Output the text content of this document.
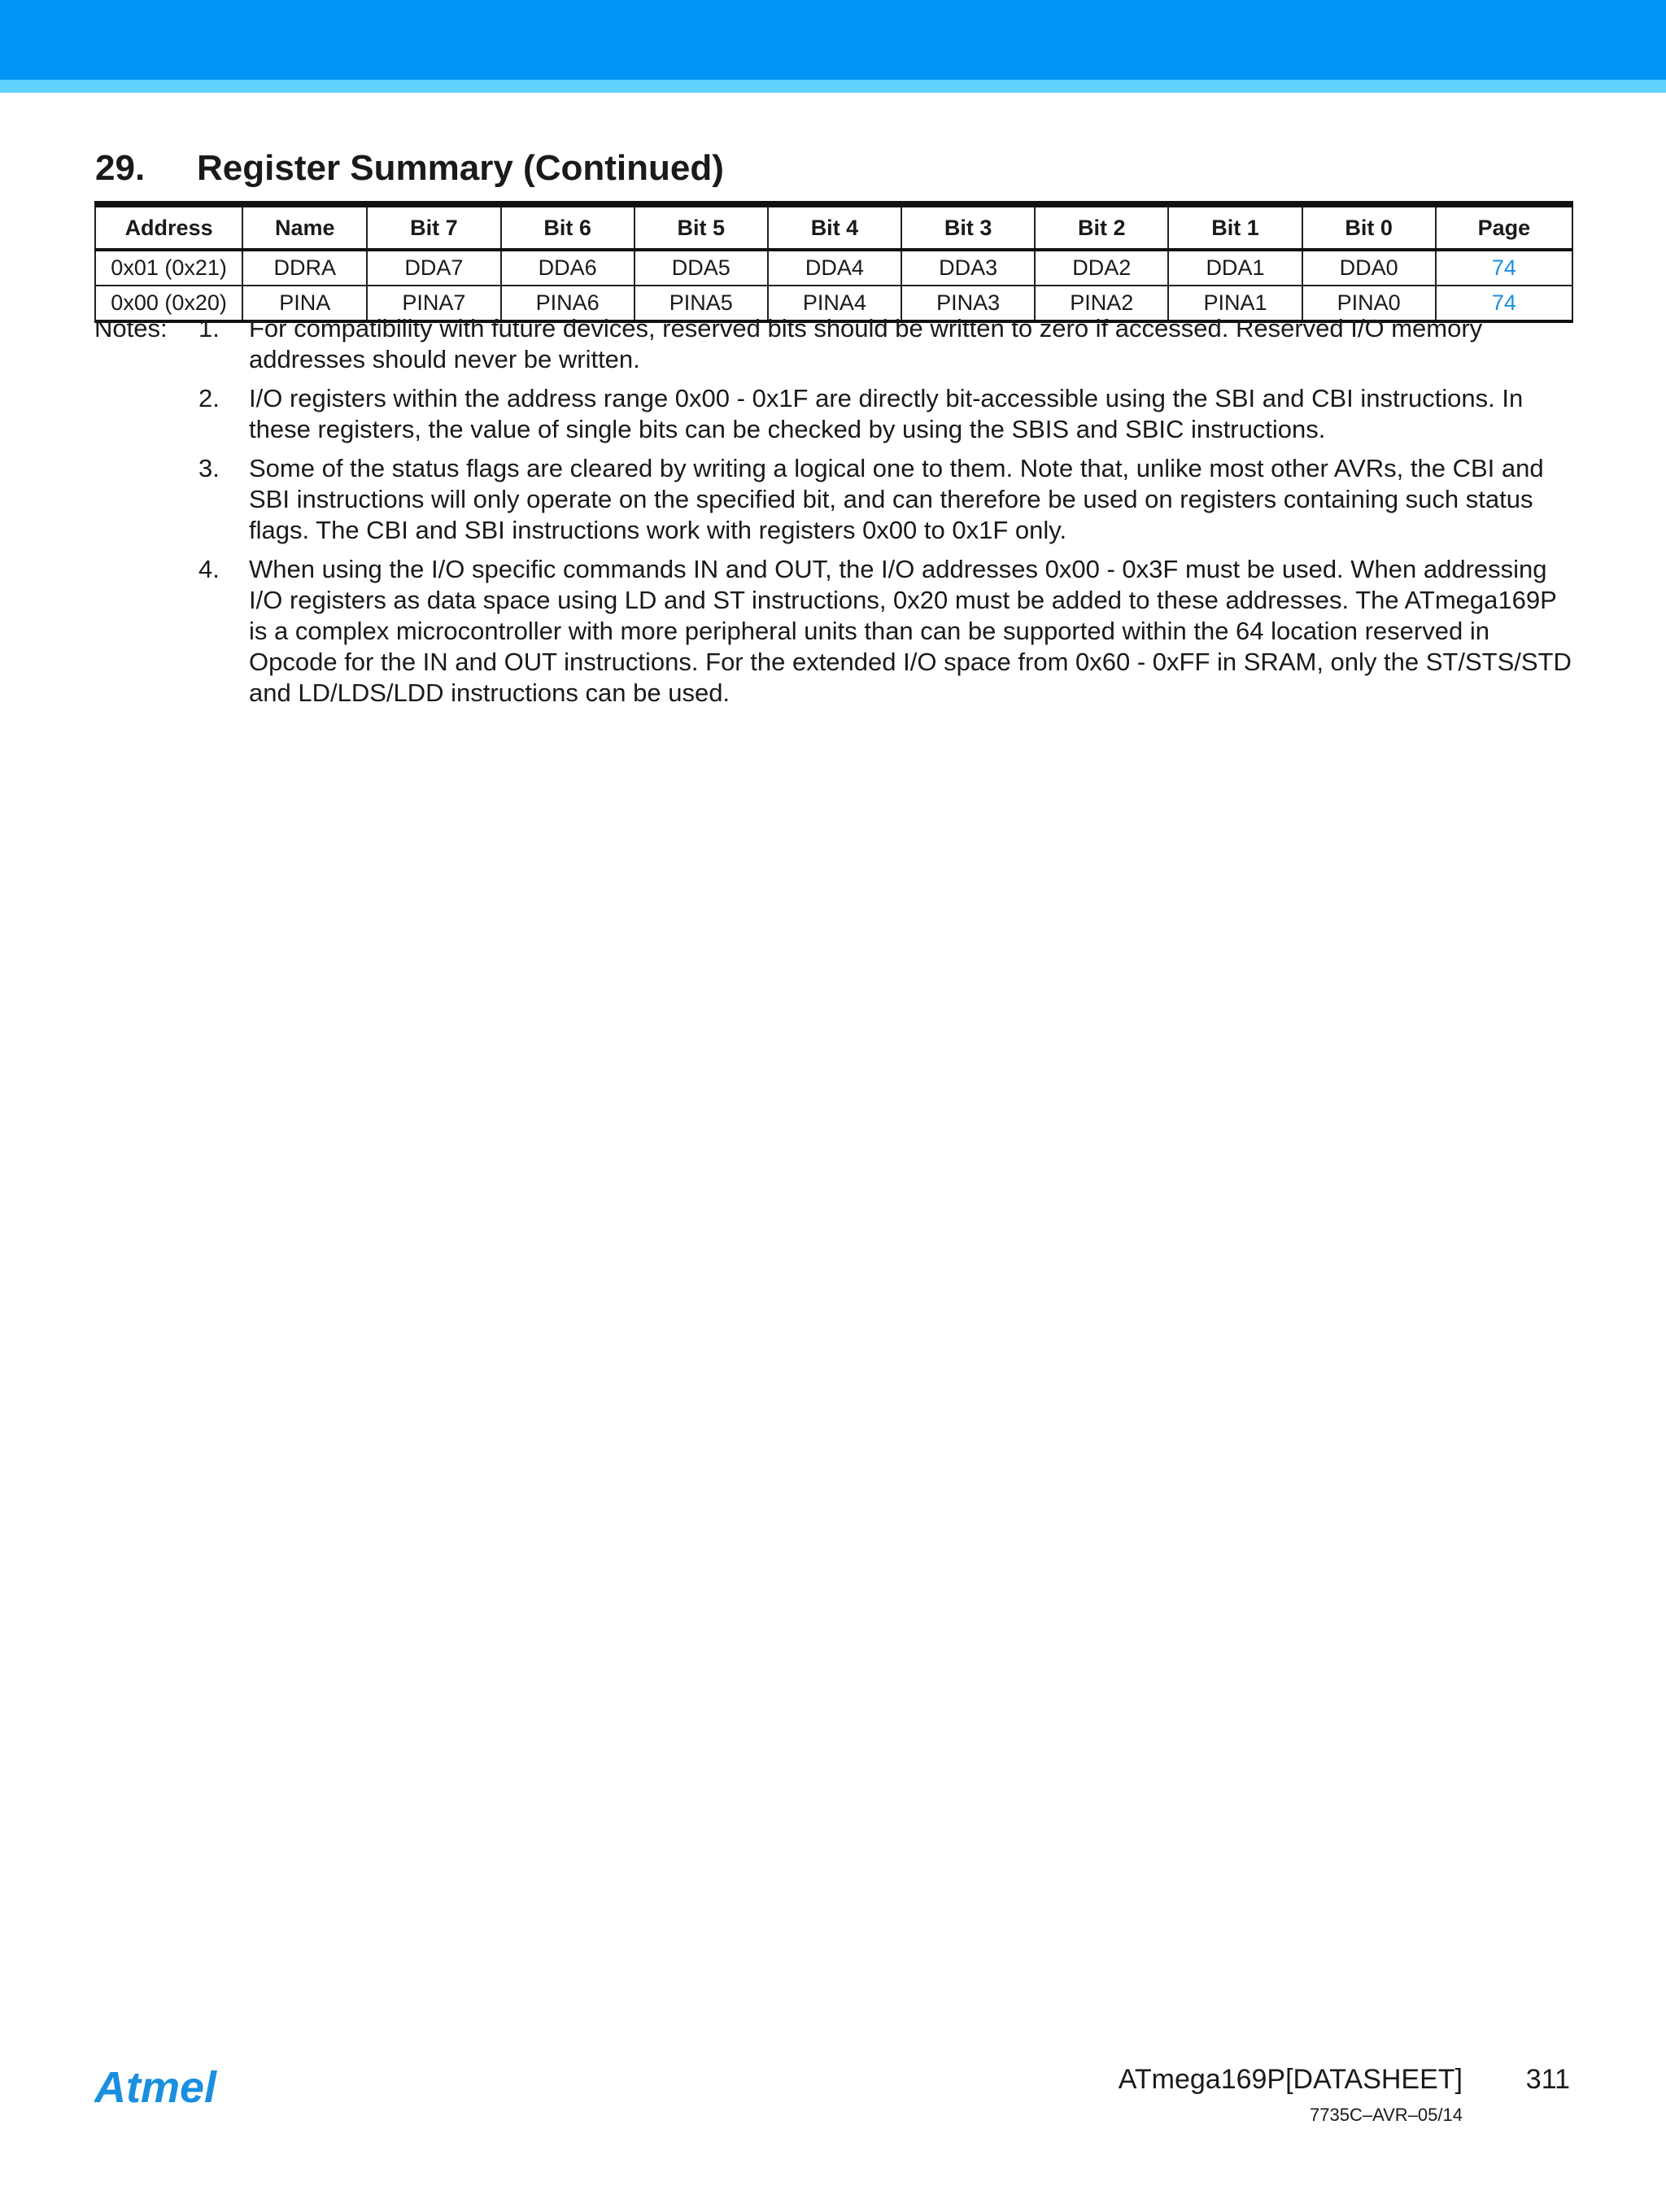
29. Register Summary (Continued)
Address	Name	Bit 7	Bit 6	Bit 5	Bit 4	Bit 3	Bit 2	Bit 1	Bit 0	Page
0x01 (0x21)	DDRA	DDA7	DDA6	DDA5	DDA4	DDA3	DDA2	DDA1	DDA0	74
0x00 (0x20)	PINA	PINA7	PINA6	PINA5	PINA4	PINA3	PINA2	PINA1	PINA0	74
Notes: 1. For compatibility with future devices, reserved bits should be written to zero if accessed. Reserved I/O memory addresses should never be written.
2. I/O registers within the address range 0x00 - 0x1F are directly bit-accessible using the SBI and CBI instructions. In these registers, the value of single bits can be checked by using the SBIS and SBIC instructions.
3. Some of the status flags are cleared by writing a logical one to them. Note that, unlike most other AVRs, the CBI and SBI instructions will only operate on the specified bit, and can therefore be used on registers containing such status flags. The CBI and SBI instructions work with registers 0x00 to 0x1F only.
4. When using the I/O specific commands IN and OUT, the I/O addresses 0x00 - 0x3F must be used. When addressing I/O registers as data space using LD and ST instructions, 0x20 must be added to these addresses. The ATmega169P is a complex microcontroller with more peripheral units than can be supported within the 64 location reserved in Opcode for the IN and OUT instructions. For the extended I/O space from 0x60 - 0xFF in SRAM, only the ST/STS/STD and LD/LDS/LDD instructions can be used.
Atmel	ATmega169P[DATASHEET] 311
7735C–AVR–05/14
